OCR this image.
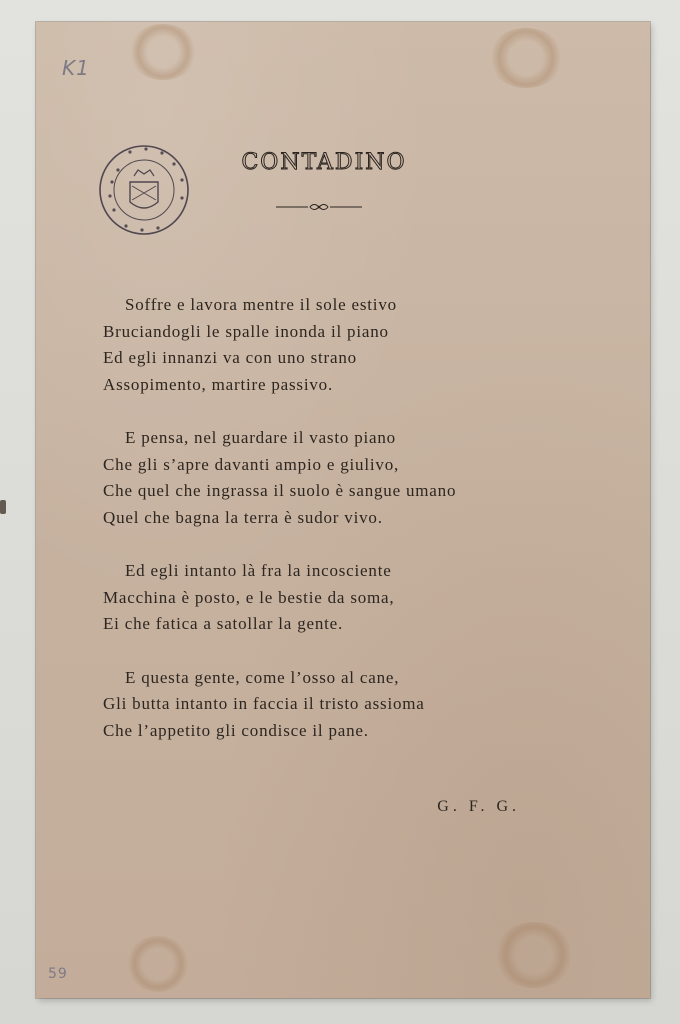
K1
59
CONTADINO
Soffre e lavora mentre il sole estivo
Bruciandogli le spalle inonda il piano
Ed egli innanzi va con uno strano
Assopimento, martire passivo.
E pensa, nel guardare il vasto piano
Che gli s’apre davanti ampio e giulivo,
Che quel che ingrassa il suolo è sangue umano
Quel che bagna la terra è sudor vivo.
Ed egli intanto là fra la incosciente
Macchina è posto, e le bestie da soma,
Ei che fatica a satollar la gente.
E questa gente, come l’osso al cane,
Gli butta intanto in faccia il tristo assioma
Che l’appetito gli condisce il pane.
G. F. G.
